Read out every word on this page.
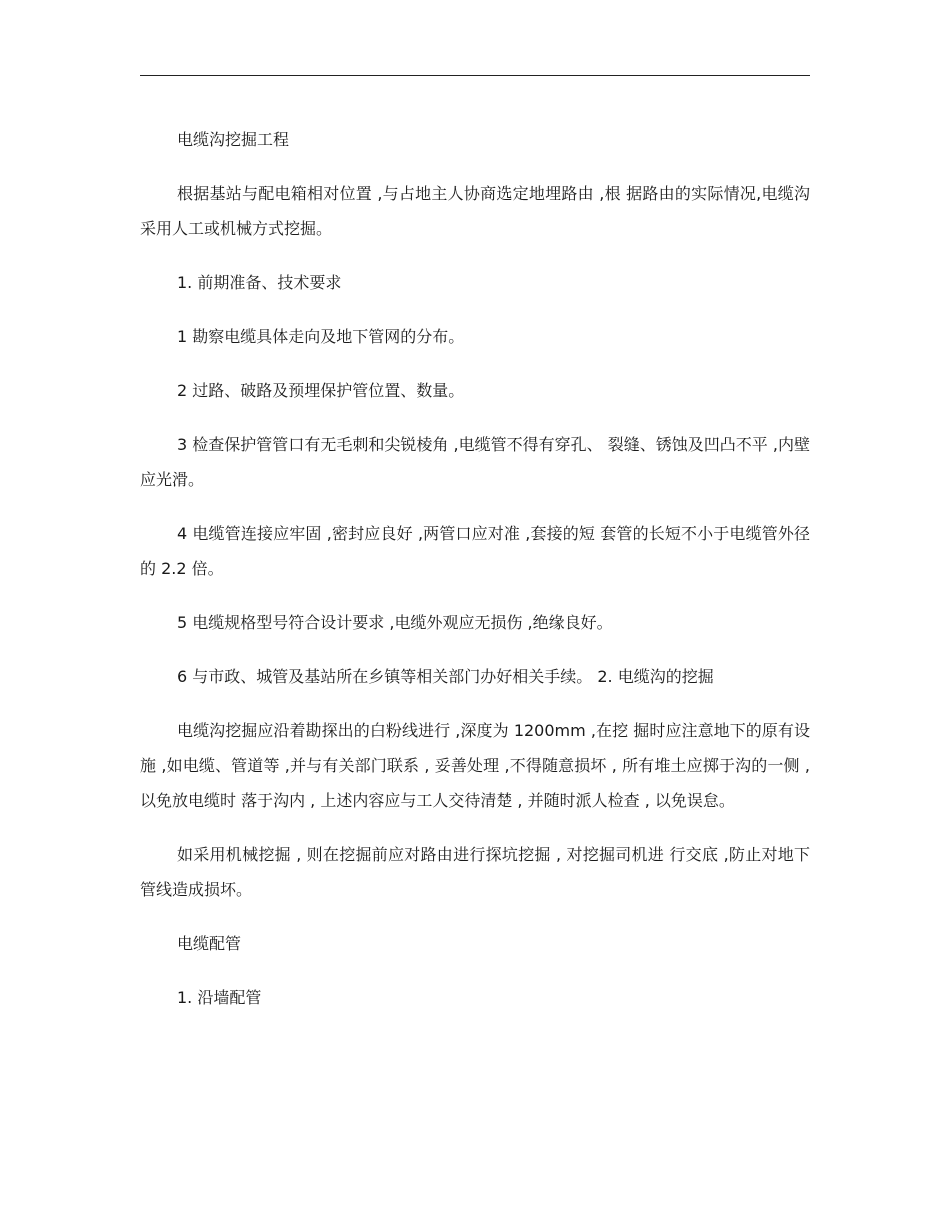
电缆沟挖掘工程

根据基站与配电箱相对位置 ,与占地主人协商选定地埋路由 ,根 据路由的实际情况,电缆沟采用人工或机械方式挖掘。

1. 前期准备、技术要求

1 勘察电缆具体走向及地下管网的分布。

2 过路、破路及预埋保护管位置、数量。

3 检查保护管管口有无毛刺和尖锐棱角 ,电缆管不得有穿孔、 裂缝、锈蚀及凹凸不平 ,内壁应光滑。

4 电缆管连接应牢固 ,密封应良好 ,两管口应对准 ,套接的短 套管的长短不小于电缆管外径的 2.2 倍。

5 电缆规格型号符合设计要求 ,电缆外观应无损伤 ,绝缘良好。

6 与市政、城管及基站所在乡镇等相关部门办好相关手续。 2. 电缆沟的挖掘

电缆沟挖掘应沿着勘探出的白粉线进行 ,深度为 1200mm ,在挖 掘时应注意地下的原有设施 ,如电缆、管道等 ,并与有关部门联系 , 妥善处理 ,不得随意损坏 , 所有堆土应掷于沟的一侧 ,以免放电缆时 落于沟内 , 上述内容应与工人交待清楚 , 并随时派人检查 , 以免误怠。

如采用机械挖掘 , 则在挖掘前应对路由进行探坑挖掘 , 对挖掘司机进 行交底 ,防止对地下管线造成损坏。

电缆配管

1. 沿墙配管
